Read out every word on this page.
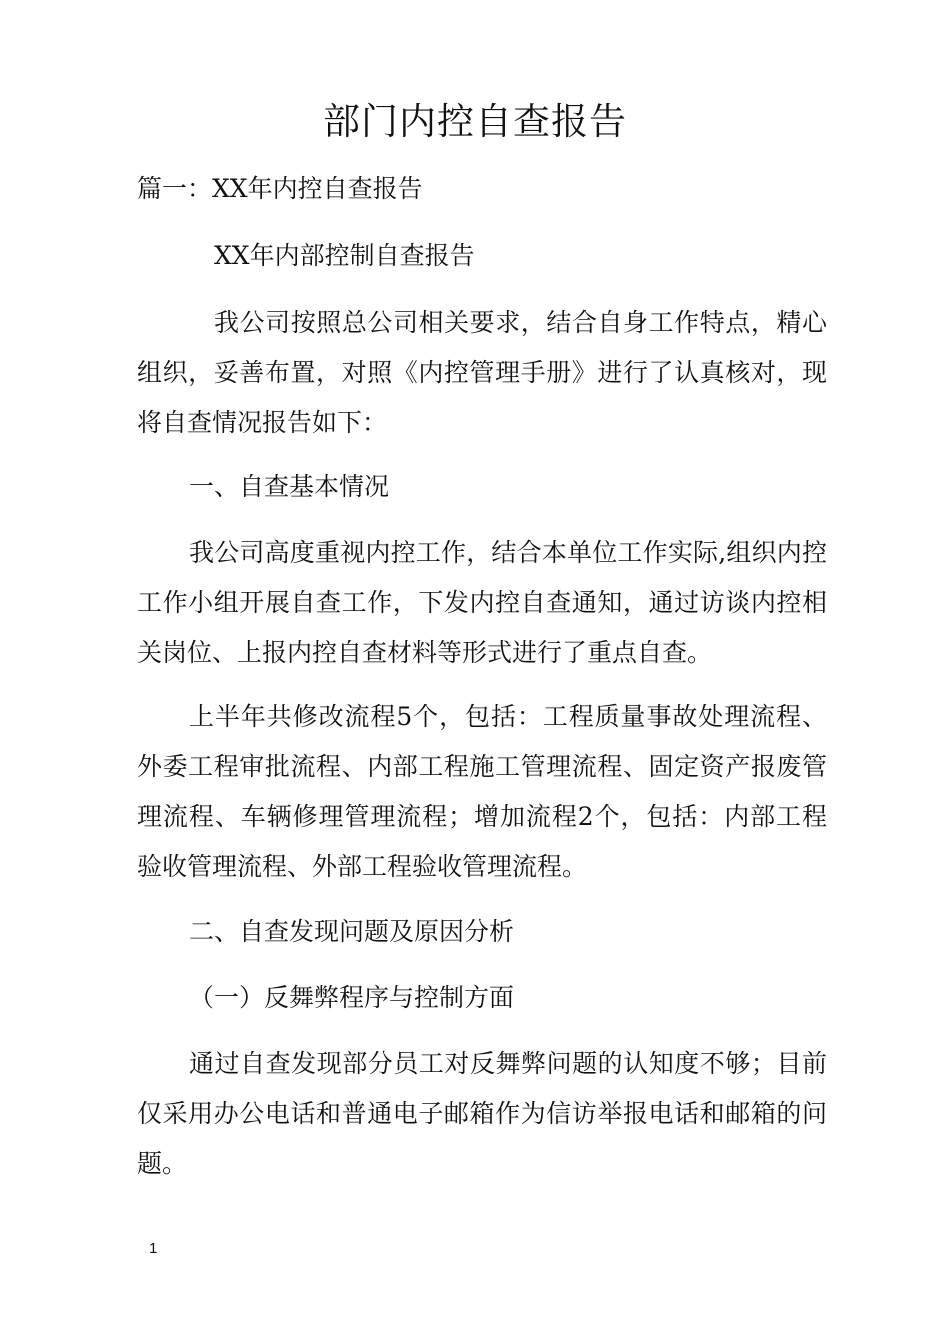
部门内控自查报告
篇一：XX年内控自查报告
XX年内部控制自查报告
我公司按照总公司相关要求，结合自身工作特点，精心组织，妥善布置，对照《内控管理手册》进行了认真核对，现将自查情况报告如下：
一、自查基本情况
我公司高度重视内控工作，结合本单位工作实际,组织内控工作小组开展自查工作，下发内控自查通知，通过访谈内控相关岗位、上报内控自查材料等形式进行了重点自查。
上半年共修改流程5个，包括：工程质量事故处理流程、外委工程审批流程、内部工程施工管理流程、固定资产报废管理流程、车辆修理管理流程；增加流程2个，包括：内部工程验收管理流程、外部工程验收管理流程。
二、自查发现问题及原因分析
（一）反舞弊程序与控制方面
通过自查发现部分员工对反舞弊问题的认知度不够；目前仅采用办公电话和普通电子邮箱作为信访举报电话和邮箱的问题。
1
